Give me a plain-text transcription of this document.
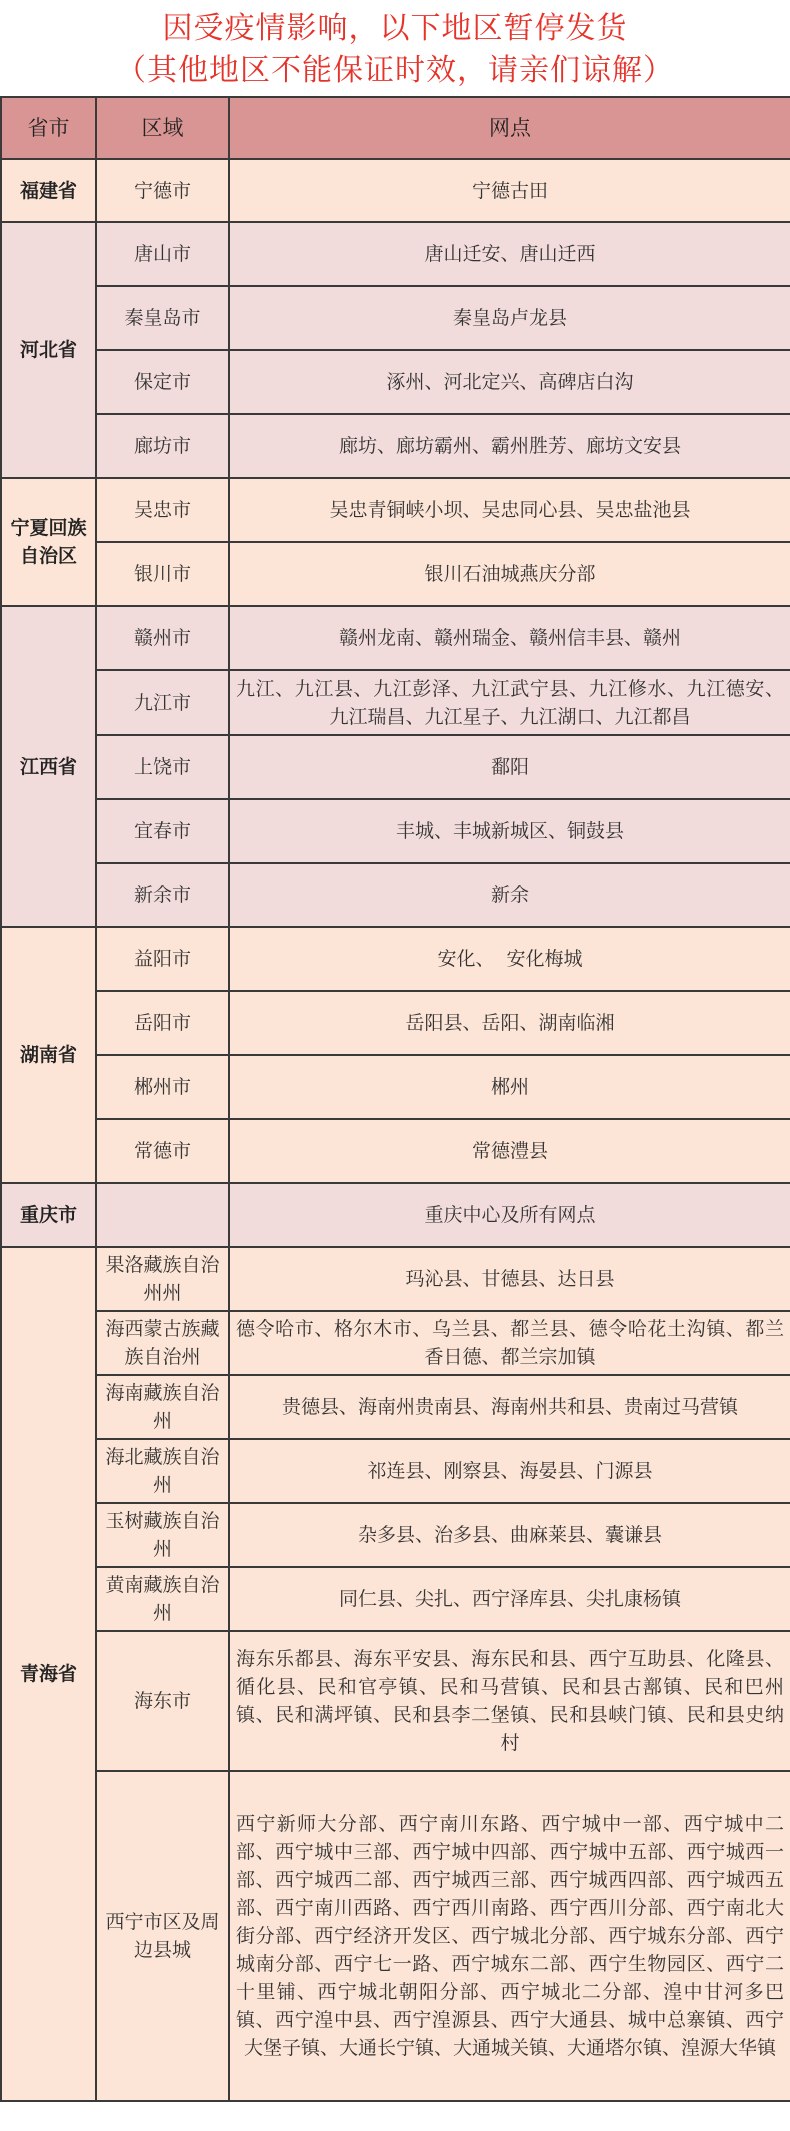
因受疫情影响，以下地区暂停发货
（其他地区不能保证时效，请亲们谅解）
省市	区域	网点
福建省	宁德市	宁德古田
河北省	唐山市	唐山迁安、唐山迁西
	秦皇岛市	秦皇岛卢龙县
	保定市	涿州、河北定兴、高碑店白沟
	廊坊市	廊坊、廊坊霸州、霸州胜芳、廊坊文安县
宁夏回族自治区	吴忠市	吴忠青铜峡小坝、吴忠同心县、吴忠盐池县
	银川市	银川石油城燕庆分部
江西省	赣州市	赣州龙南、赣州瑞金、赣州信丰县、赣州
	九江市	九江、九江县、九江彭泽、九江武宁县、九江修水、九江德安、九江瑞昌、九江星子、九江湖口、九江都昌
	上饶市	鄱阳
	宜春市	丰城、丰城新城区、铜鼓县
	新余市	新余
湖南省	益阳市	安化、  安化梅城
	岳阳市	岳阳县、岳阳、湖南临湘
	郴州市	郴州
	常德市	常德澧县
重庆市		重庆中心及所有网点
青海省	果洛藏族自治州州	玛沁县、甘德县、达日县
	海西蒙古族藏族自治州	德令哈市、格尔木市、乌兰县、都兰县、德令哈花土沟镇、都兰香日德、都兰宗加镇
	海南藏族自治州	贵德县、海南州贵南县、海南州共和县、贵南过马营镇
	海北藏族自治州	祁连县、刚察县、海晏县、门源县
	玉树藏族自治州	杂多县、治多县、曲麻莱县、囊谦县
	黄南藏族自治州	同仁县、尖扎、西宁泽库县、尖扎康杨镇
	海东市	海东乐都县、海东平安县、海东民和县、西宁互助县、化隆县、循化县、民和官亭镇、民和马营镇、民和县古鄯镇、民和巴州镇、民和满坪镇、民和县李二堡镇、民和县峡门镇、民和县史纳村
	西宁市区及周边县城	西宁新师大分部、西宁南川东路、西宁城中一部、西宁城中二部、西宁城中三部、西宁城中四部、西宁城中五部、西宁城西一部、西宁城西二部、西宁城西三部、西宁城西四部、西宁城西五部、西宁南川西路、西宁西川南路、西宁西川分部、西宁南北大街分部、西宁经济开发区、西宁城北分部、西宁城东分部、西宁城南分部、西宁七一路、西宁城东二部、西宁生物园区、西宁二十里铺、西宁城北朝阳分部、西宁城北二分部、湟中甘河多巴镇、西宁湟中县、西宁湟源县、西宁大通县、城中总寨镇、西宁大堡子镇、大通长宁镇、大通城关镇、大通塔尔镇、湟源大华镇
